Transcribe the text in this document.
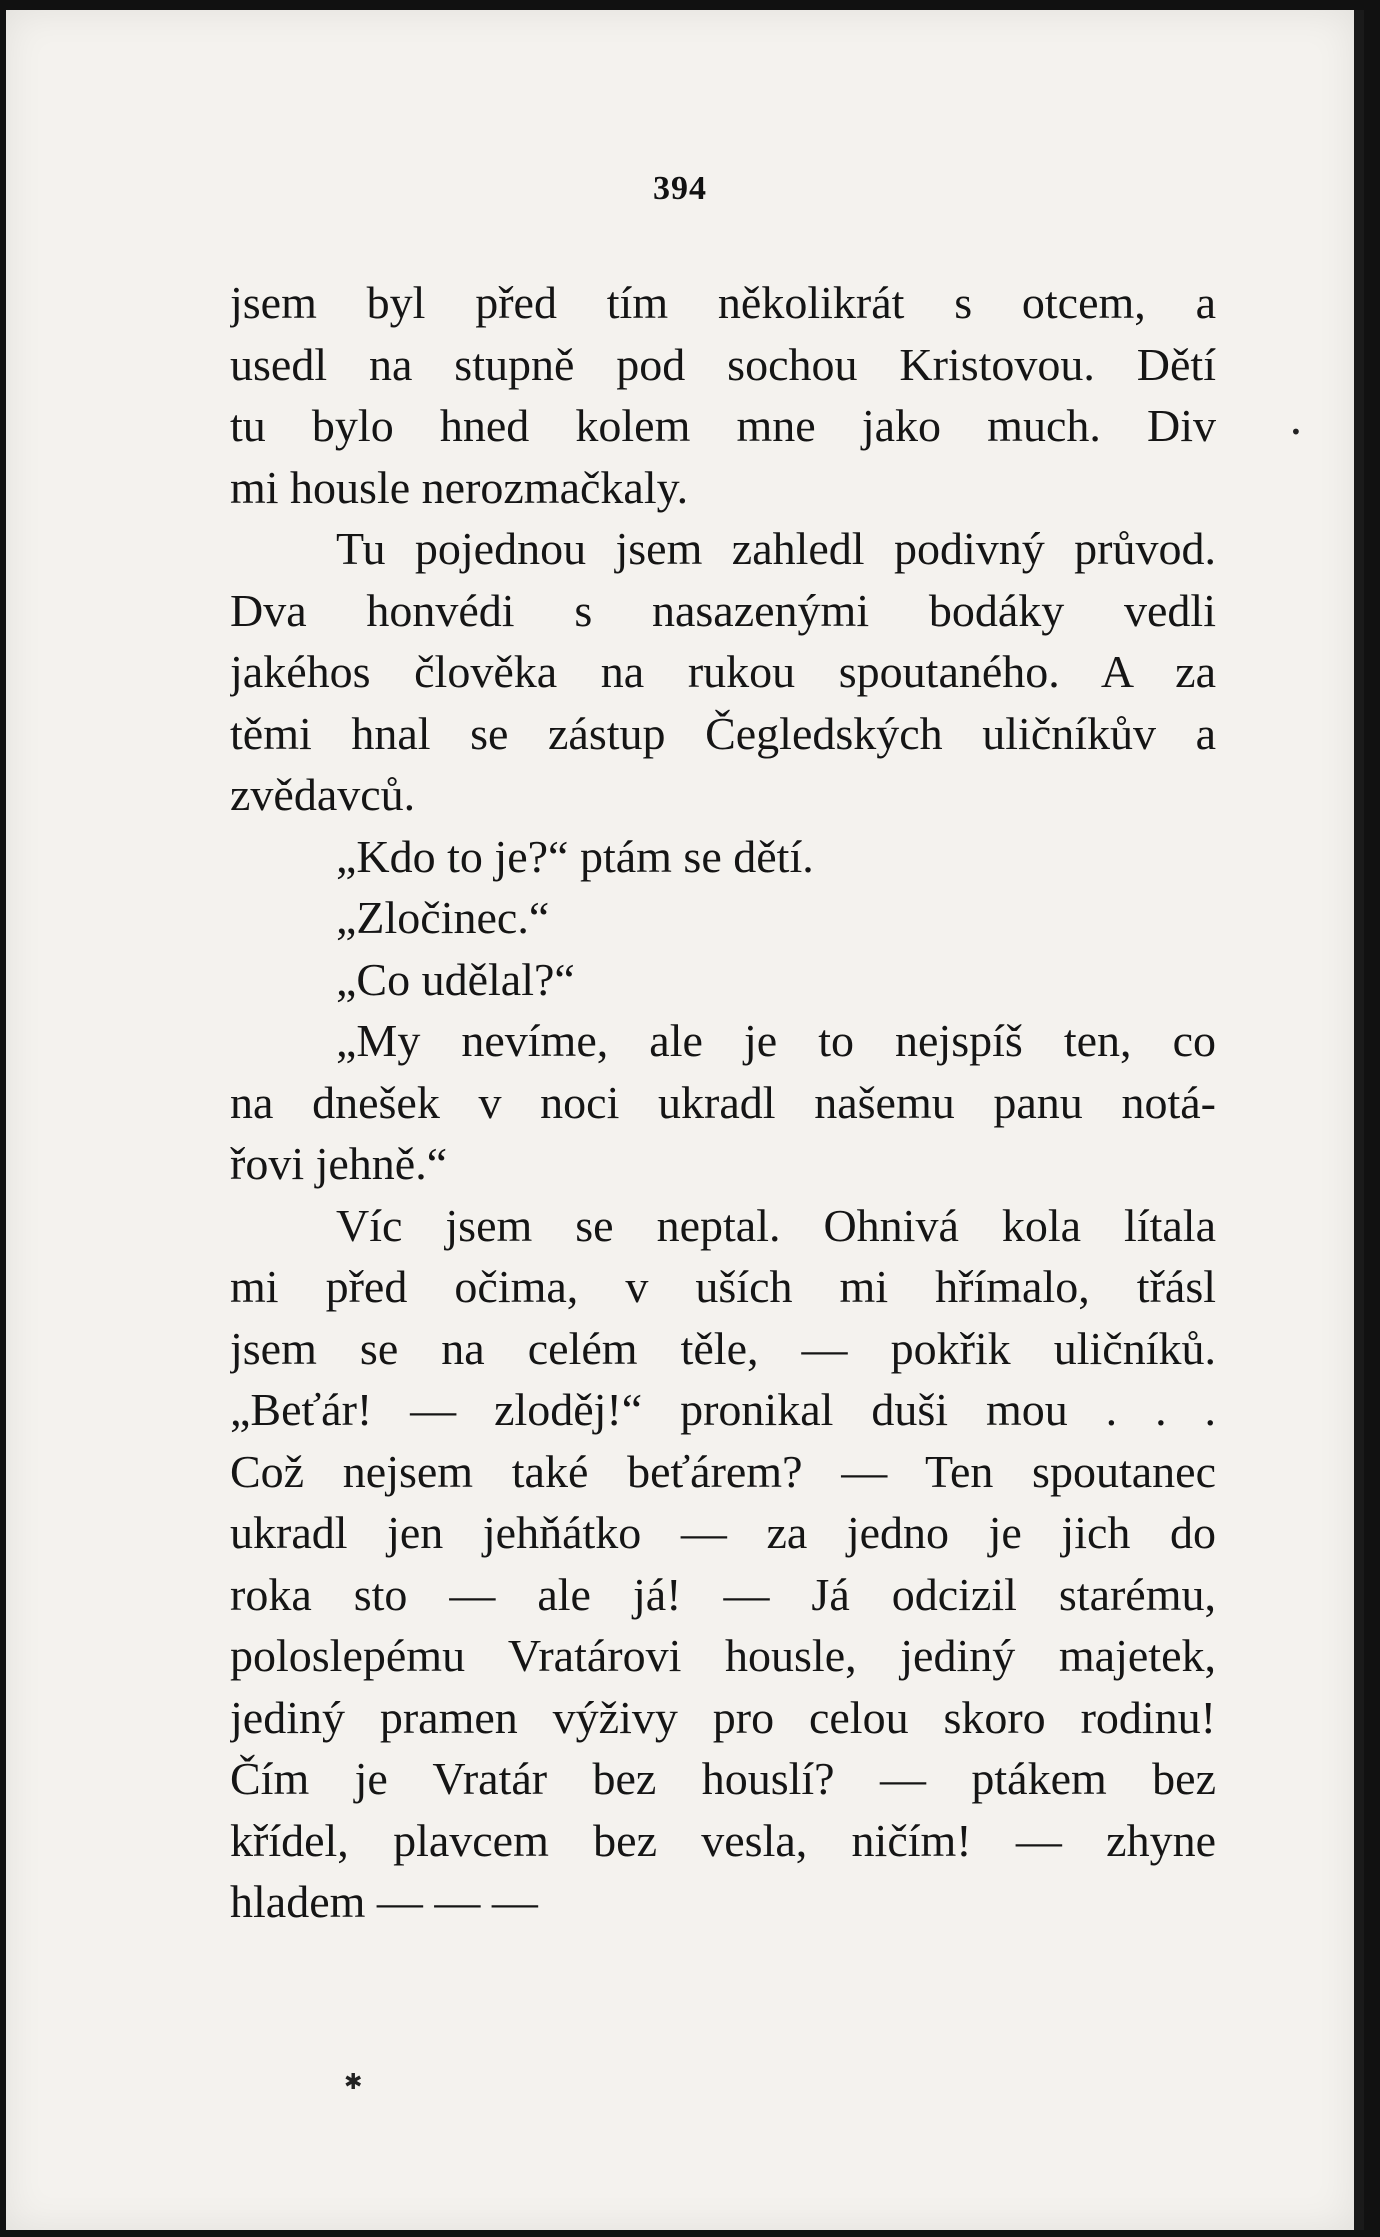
394
jsem byl před tím několikrát s otcem, a
usedl na stupně pod sochou Kristovou. Dětí
tu bylo hned kolem mne jako much. Div
mi housle nerozmačkaly.
Tu pojednou jsem zahledl podivný průvod.
Dva honvédi s nasazenými bodáky vedli
jakéhos člověka na rukou spoutaného. A za
těmi hnal se zástup Čegledských uličníkův a
zvědavců.
„Kdo to je?“ ptám se dětí.
„Zločinec.“
„Co udělal?“
„My nevíme, ale je to nejspíš ten, co
na dnešek v noci ukradl našemu panu notá-
řovi jehně.“
Víc jsem se neptal. Ohnivá kola lítala
mi před očima, v uších mi hřímalo, třásl
jsem se na celém těle, — pokřik uličníků.
„Beťár! — zloděj!“ pronikal duši mou . . .
Což nejsem také beťárem? — Ten spoutanec
ukradl jen jehňátko — za jedno je jich do
roka sto — ale já! — Já odcizil starému,
poloslepému Vratárovi housle, jediný majetek,
jediný pramen výživy pro celou skoro rodinu!
Čím je Vratár bez houslí? — ptákem bez
křídel, plavcem bez vesla, ničím! — zhyne
hladem — — —
•
✱
